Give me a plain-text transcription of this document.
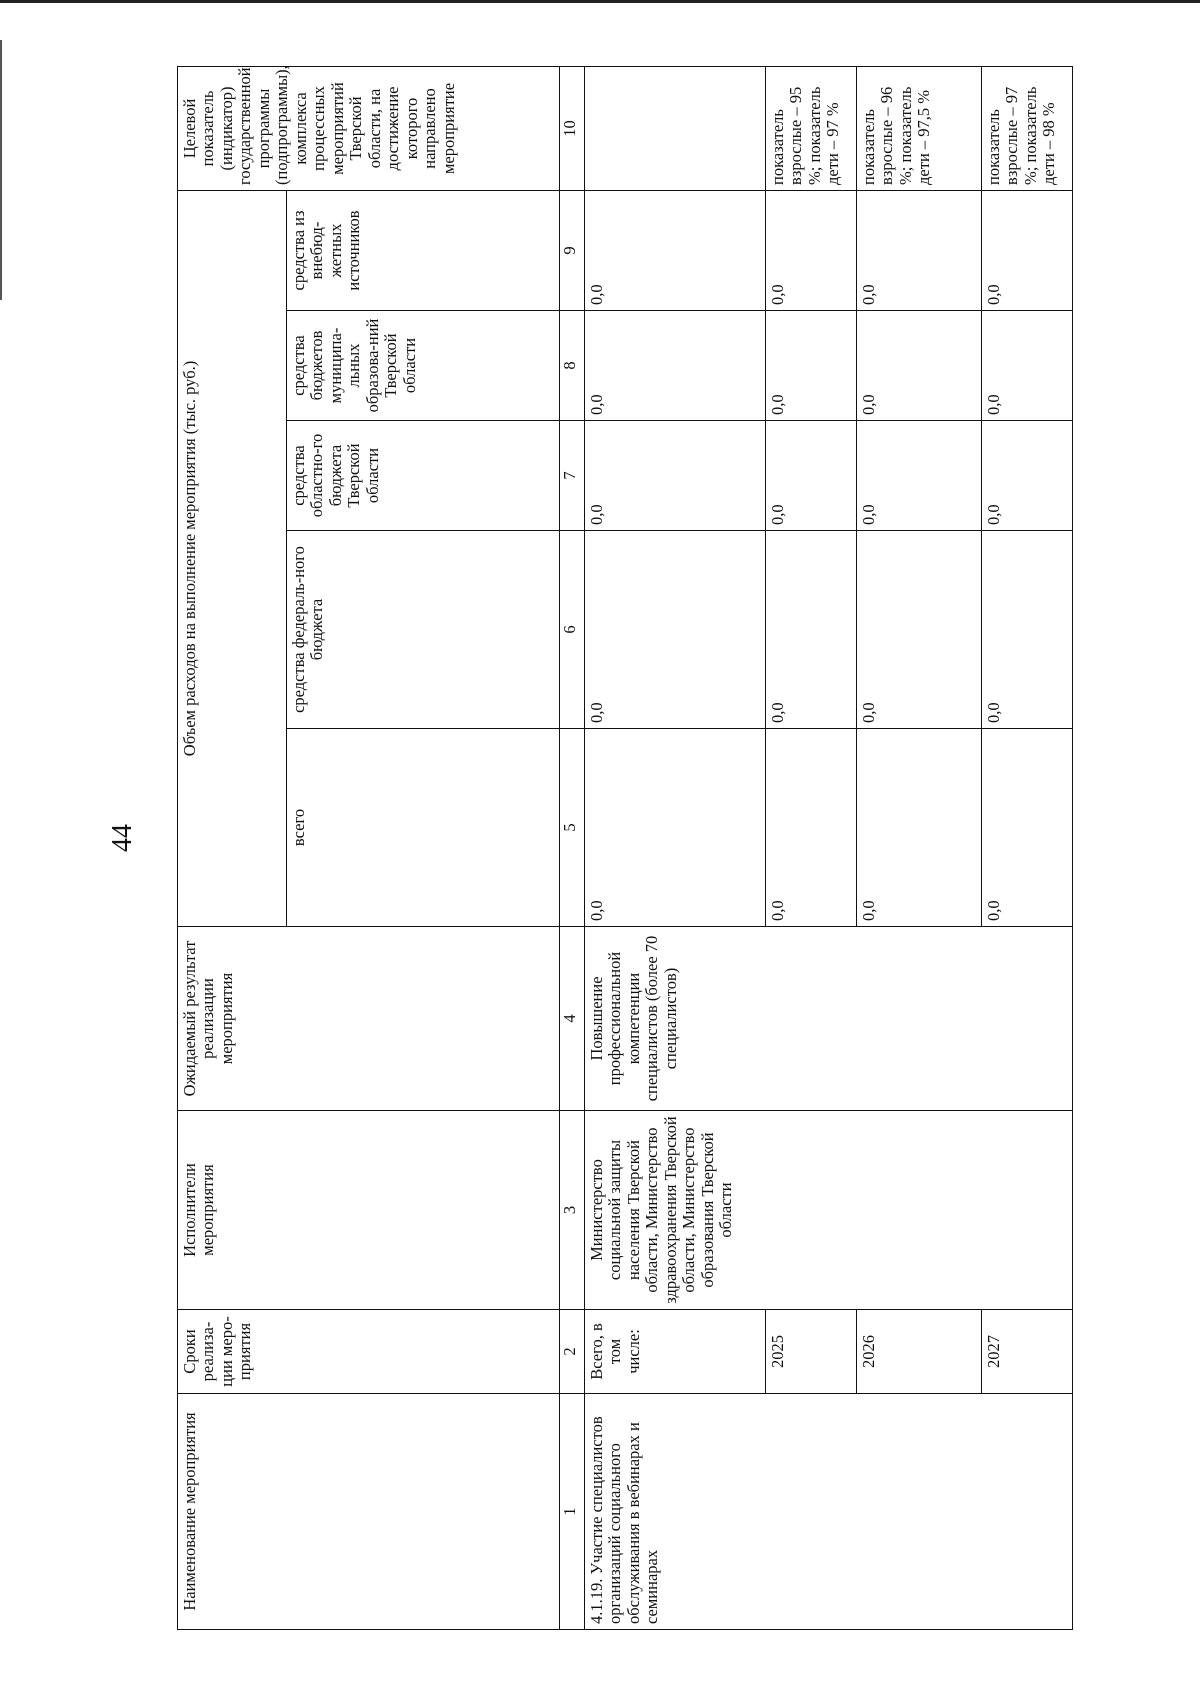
44
Наименование мероприятия	Сроки реализа-ции меро-приятия	Исполнители мероприятия	Ожидаемый результат реализации мероприятия	Объем расходов на выполнение мероприятия (тыс. руб.)					Целевой показатель (индикатор) государственной программы (подпрограммы), комплекса процессных мероприятий Тверской области, на достижение которого направлено мероприятие
				всего	средства федераль-ного бюджета	средства областно-го бюджета Тверской области	средства бюджетов муниципа-льных образова-ний Тверской области	средства из внебюд-жетных источников	
1	2	3	4	5	6	7	8	9	10
4.1.19. Участие специалистов организаций социального обслуживания в вебинарах и семинарах	Всего, в том числе:	Министерство социальной защиты населения Тверской области, Министерство здравоохранения Тверской области, Министерство образования Тверской области	Повышение профессиональной компетенции специалистов (более 70 специалистов)	0,0	0,0	0,0	0,0	0,0	
	2025			0,0	0,0	0,0	0,0	0,0	показатель взрослые – 95 %; показатель дети – 97 %
	2026			0,0	0,0	0,0	0,0	0,0	показатель взрослые – 96 %; показатель дети – 97,5 %
	2027			0,0	0,0	0,0	0,0	0,0	показатель взрослые – 97 %; показатель дети – 98 %
